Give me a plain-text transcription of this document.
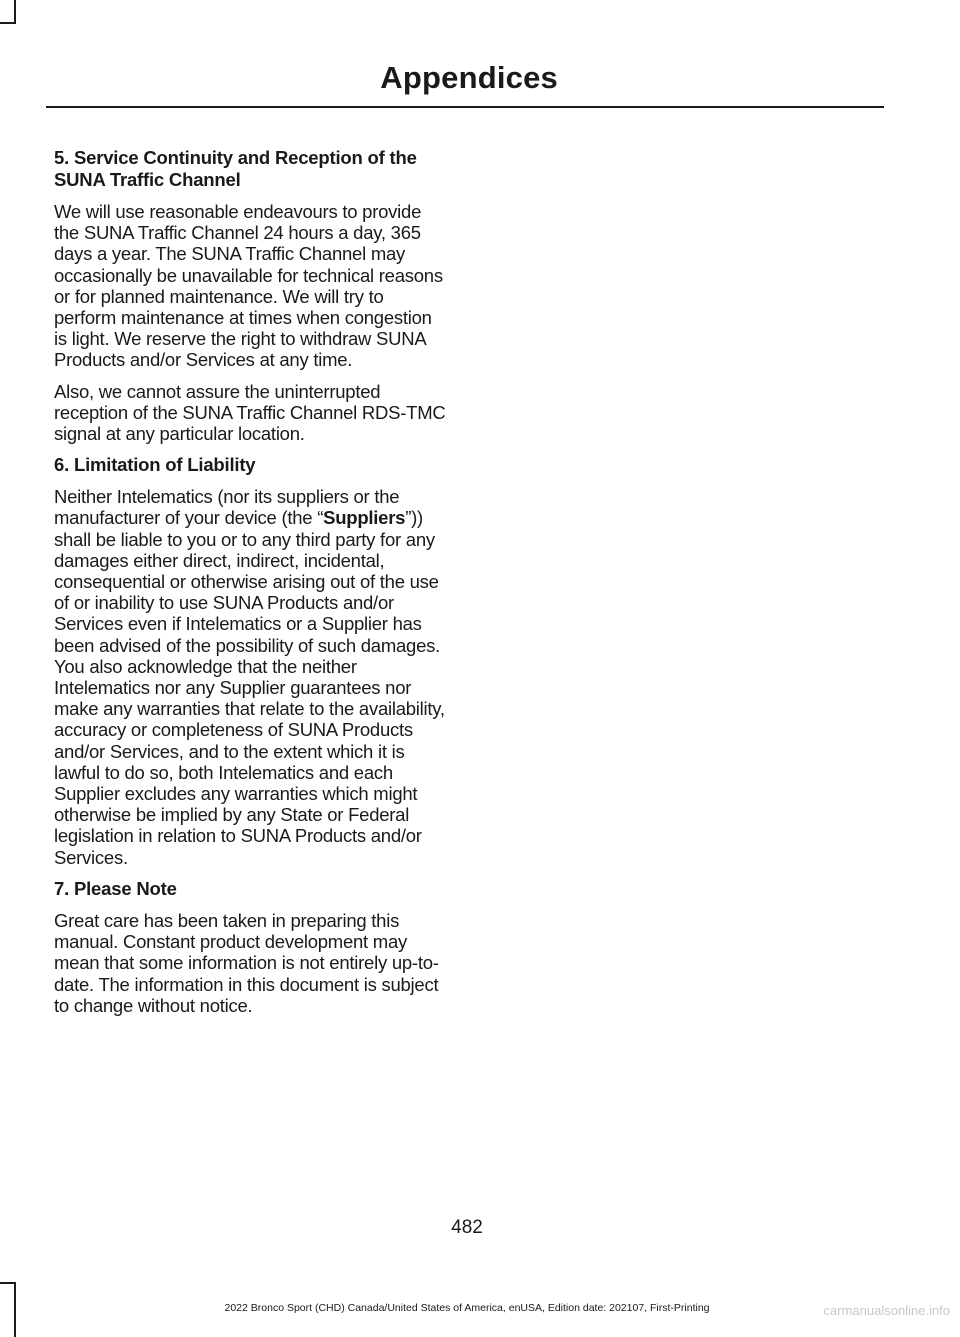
Appendices
5. Service Continuity and Reception of the SUNA Traffic Channel

We will use reasonable endeavours to provide the SUNA Traffic Channel 24 hours a day, 365 days a year. The SUNA Traffic Channel may occasionally be unavailable for technical reasons or for planned maintenance. We will try to perform maintenance at times when congestion is light. We reserve the right to withdraw SUNA Products and/or Services at any time.

Also, we cannot assure the uninterrupted reception of the SUNA Traffic Channel RDS-TMC signal at any particular location.

6. Limitation of Liability

Neither Intelematics (nor its suppliers or the manufacturer of your device (the “Suppliers”)) shall be liable to you or to any third party for any damages either direct, indirect, incidental, consequential or otherwise arising out of the use of or inability to use SUNA Products and/or Services even if Intelematics or a Supplier has been advised of the possibility of such damages. You also acknowledge that the neither Intelematics nor any Supplier guarantees nor make any warranties that relate to the availability, accuracy or completeness of SUNA Products and/or Services, and to the extent which it is lawful to do so, both Intelematics and each Supplier excludes any warranties which might otherwise be implied by any State or Federal legislation in relation to SUNA Products and/or Services.

7. Please Note

Great care has been taken in preparing this manual. Constant product development may mean that some information is not entirely up-to-date. The information in this document is subject to change without notice.

482
2022 Bronco Sport (CHD) Canada/United States of America, enUSA, Edition date: 202107, First-Printing	carmanualsonline.info
